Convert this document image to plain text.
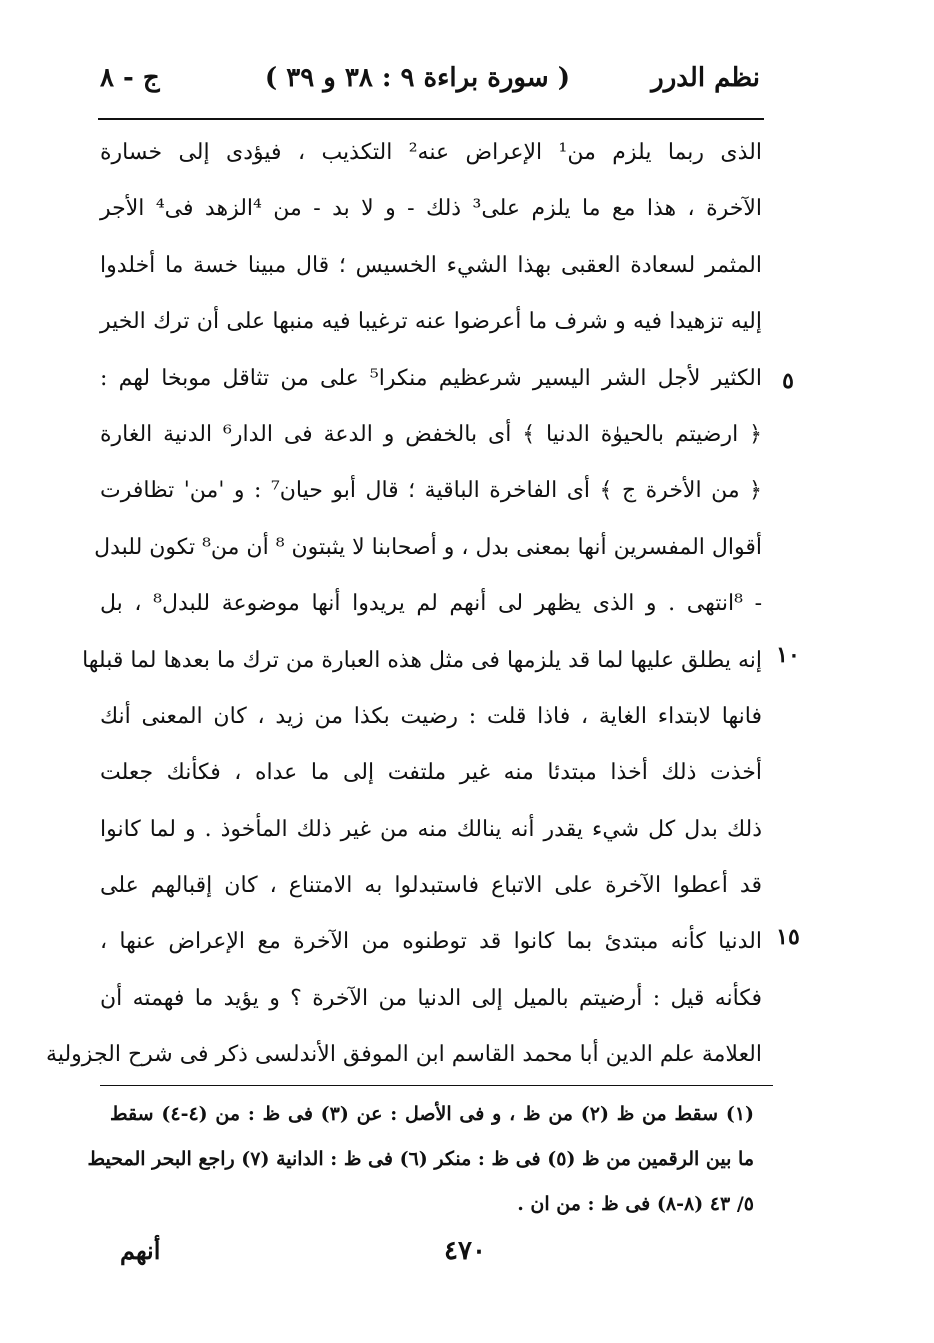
نظم الدرر
( سورة براءة ٩ : ٣٨ و ٣٩ )
ج - ٨
الذى ربما يلزم من¹ الإعراض عنه² التكذيب ، فيؤدى إلى خسارة
الآخرة ، هذا مع ما يلزم على³ ذلك - و لا بد - من ⁴الزهد فى⁴ الأجر
المثمر لسعادة العقبى بهذا الشيء الخسيس ؛ قال مبينا خسة ما أخلدوا
إليه تزهيدا فيه و شرف ما أعرضوا عنه ترغيبا فيه منبها على أن ترك الخير
الكثير لأجل الشر اليسير شرعظيم منكرا⁵ على من تثاقل موبخا لهم :
﴿ ارضيتم بالحيوٰة الدنيا ﴾ أى بالخفض و الدعة فى الدار⁶ الدنية الغارة
﴿ من الأخرة ج ﴾ أى الفاخرة الباقية ؛ قال أبو حيان⁷ : و 'من' تظافرت
أقوال المفسرين أنها بمعنى بدل ، و أصحابنا لا يثبتون ⁸ أن من⁸ تكون للبدل
- ⁸انتهى . و الذى يظهر لى أنهم لم يريدوا أنها موضوعة للبدل⁸ ، بل
إنه يطلق عليها لما قد يلزمها فى مثل هذه العبارة من ترك ما بعدها لما قبلها
فانها لابتداء الغاية ، فاذا قلت : رضيت بكذا من زيد ، كان المعنى أنك
أخذت ذلك أخذا مبتدئا منه غير ملتفت إلى ما عداه ، فكأنك جعلت
ذلك بدل كل شيء يقدر أنه ينالك منه من غير ذلك المأخوذ . و لما كانوا
قد أعطوا الآخرة على الاتباع فاستبدلوا به الامتناع ، كان إقبالهم على
الدنيا كأنه مبتدئ بما كانوا قد توطنوه من الآخرة مع الإعراض عنها ،
فكأنه قيل : أرضيتم بالميل إلى الدنيا من الآخرة ؟ و يؤيد ما فهمته أن
العلامة علم الدين أبا محمد القاسم ابن الموفق الأندلسى ذكر فى شرح الجزولية
٥
١٠
١٥
(١) سقط من ظ (٢) من ظ ، و فى الأصل : عن (٣) فى ظ : من (٤-٤) سقط
ما بين الرقمين من ظ (٥) فى ظ : منكر (٦) فى ظ : الدانية (٧) راجع البحر المحيط
٥/ ٤٣ (٨-٨) فى ظ : من ان .
٤٧٠
أنهم
